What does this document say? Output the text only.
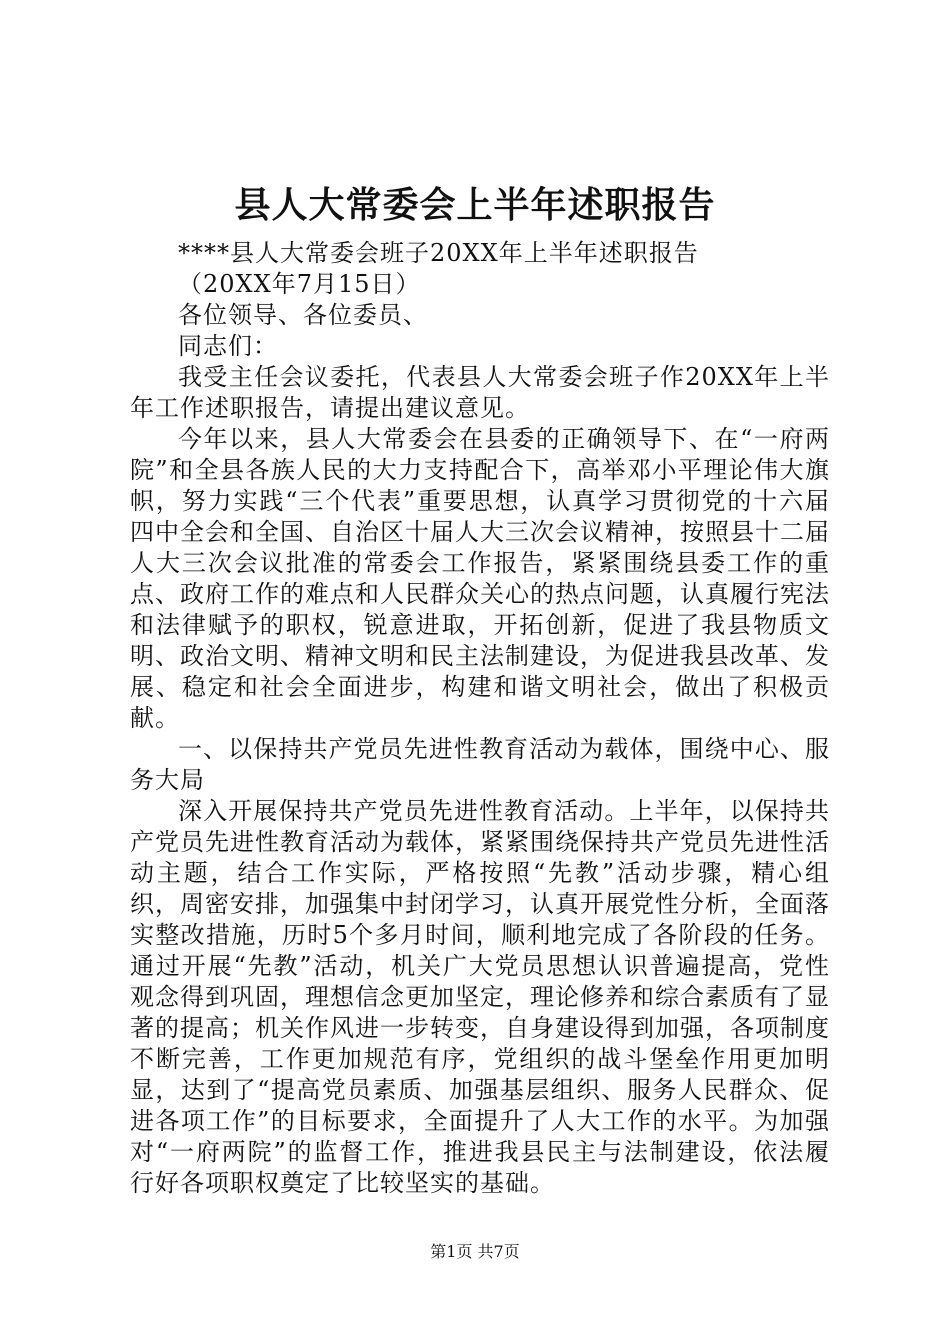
县人大常委会上半年述职报告

****县人大常委会班子20XX年上半年述职报告

（20XX年7月15日）

各位领导、各位委员、

同志们：

我受主任会议委托，代表县人大常委会班子作20XX年上半年工作述职报告，请提出建议意见。

今年以来，县人大常委会在县委的正确领导下、在“一府两院”和全县各族人民的大力支持配合下，高举邓小平理论伟大旗帜，努力实践“三个代表”重要思想，认真学习贯彻党的十六届四中全会和全国、自治区十届人大三次会议精神，按照县十二届人大三次会议批准的常委会工作报告，紧紧围绕县委工作的重点、政府工作的难点和人民群众关心的热点问题，认真履行宪法和法律赋予的职权，锐意进取，开拓创新，促进了我县物质文明、政治文明、精神文明和民主法制建设，为促进我县改革、发展、稳定和社会全面进步，构建和谐文明社会，做出了积极贡献。

一、以保持共产党员先进性教育活动为载体，围绕中心、服务大局

深入开展保持共产党员先进性教育活动。上半年，以保持共产党员先进性教育活动为载体，紧紧围绕保持共产党员先进性活动主题，结合工作实际，严格按照“先教”活动步骤，精心组织，周密安排，加强集中封闭学习，认真开展党性分析，全面落实整改措施，历时5个多月时间，顺利地完成了各阶段的任务。通过开展“先教”活动，机关广大党员思想认识普遍提高，党性观念得到巩固，理想信念更加坚定，理论修养和综合素质有了显著的提高；机关作风进一步转变，自身建设得到加强，各项制度不断完善，工作更加规范有序，党组织的战斗堡垒作用更加明显，达到了“提高党员素质、加强基层组织、服务人民群众、促进各项工作”的目标要求，全面提升了人大工作的水平。为加强对“一府两院”的监督工作，推进我县民主与法制建设，依法履行好各项职权奠定了比较坚实的基础。

第1页 共7页
